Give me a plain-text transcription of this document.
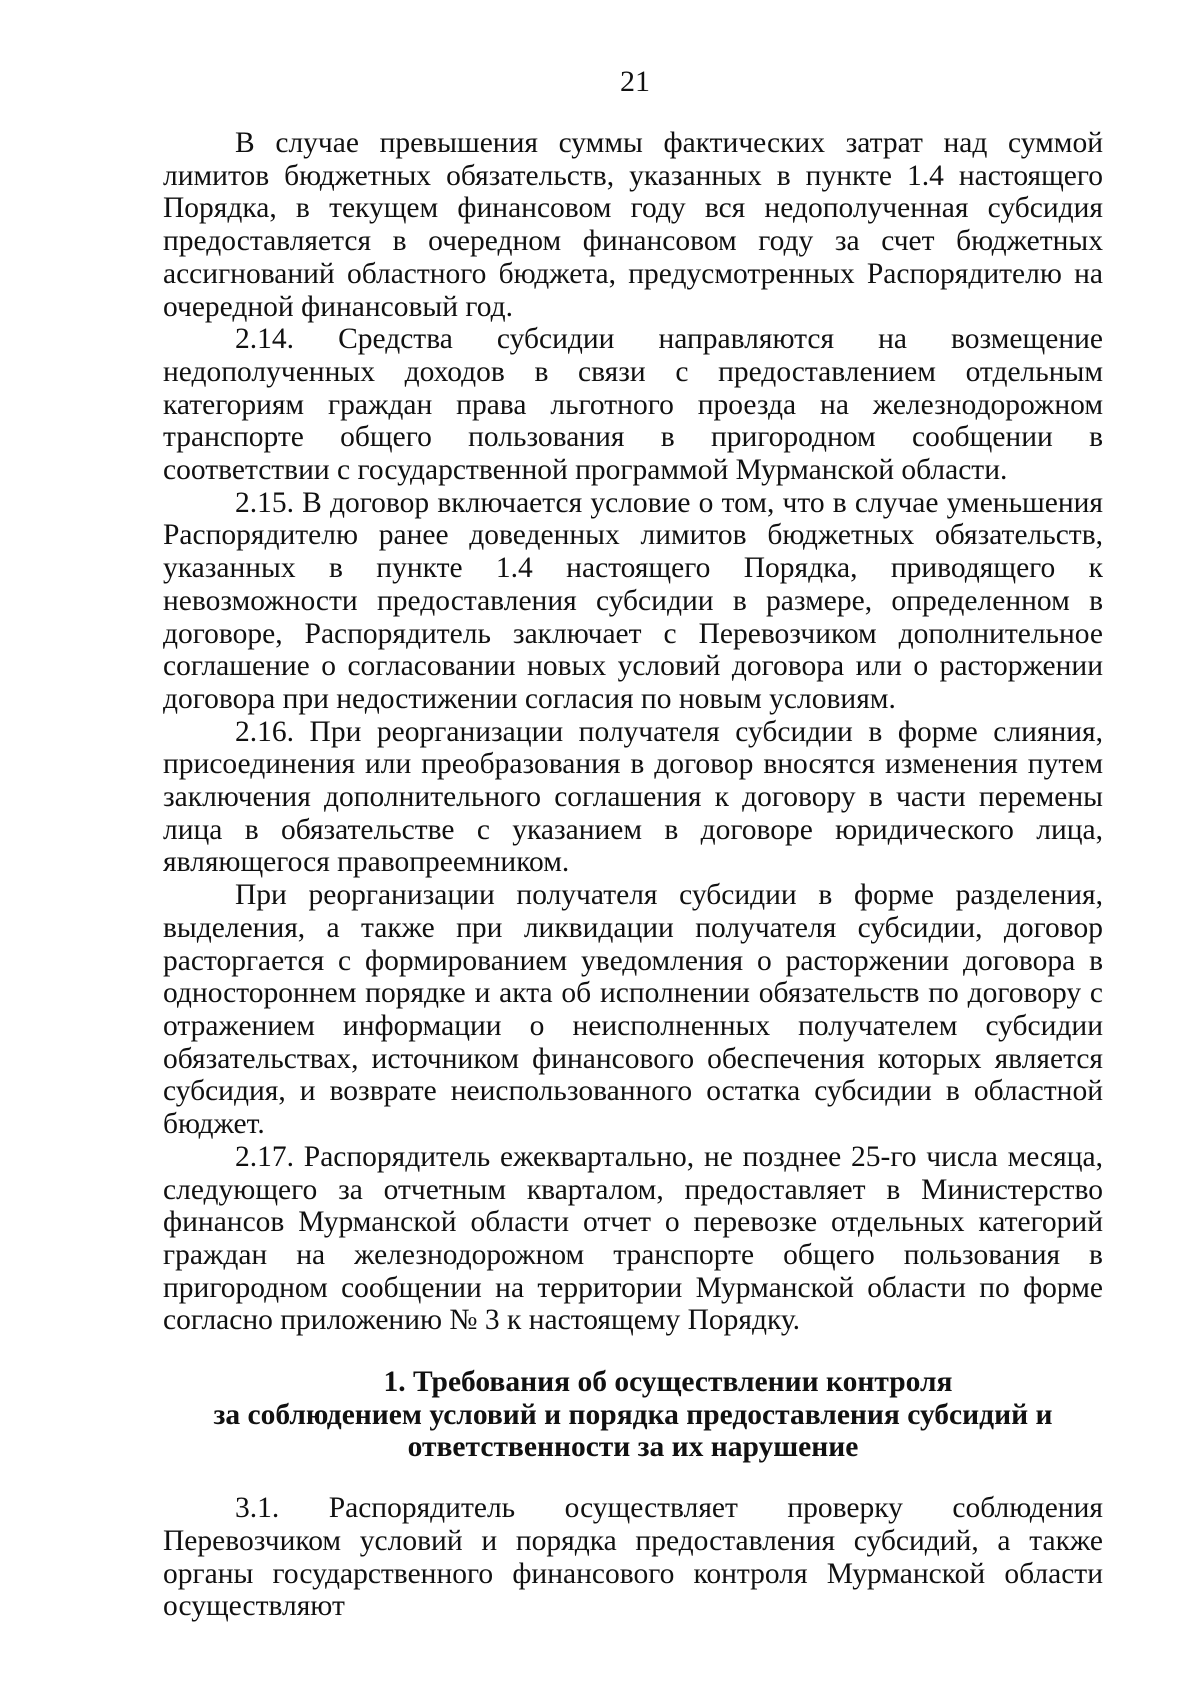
21

В случае превышения суммы фактических затрат над суммой лимитов бюджетных обязательств, указанных в пункте 1.4 настоящего Порядка, в текущем финансовом году вся недополученная субсидия предоставляется в очередном финансовом году за счет бюджетных ассигнований областного бюджета, предусмотренных Распорядителю на очередной финансовый год.

2.14. Средства субсидии направляются на возмещение недополученных доходов в связи с предоставлением отдельным категориям граждан права льготного проезда на железнодорожном транспорте общего пользования в пригородном сообщении в соответствии с государственной программой Мурманской области.

2.15. В договор включается условие о том, что в случае уменьшения Распорядителю ранее доведенных лимитов бюджетных обязательств, указанных в пункте 1.4 настоящего Порядка, приводящего к невозможности предоставления субсидии в размере, определенном в договоре, Распорядитель заключает с Перевозчиком дополнительное соглашение о согласовании новых условий договора или о расторжении договора при недостижении согласия по новым условиям.

2.16. При реорганизации получателя субсидии в форме слияния, присоединения или преобразования в договор вносятся изменения путем заключения дополнительного соглашения к договору в части перемены лица в обязательстве с указанием в договоре юридического лица, являющегося правопреемником.

При реорганизации получателя субсидии в форме разделения, выделения, а также при ликвидации получателя субсидии, договор расторгается с формированием уведомления о расторжении договора в одностороннем порядке и акта об исполнении обязательств по договору с отражением информации о неисполненных получателем субсидии обязательствах, источником финансового обеспечения которых является субсидия, и возврате неиспользованного остатка субсидии в областной бюджет.

2.17. Распорядитель ежеквартально, не позднее 25-го числа месяца, следующего за отчетным кварталом, предоставляет в Министерство финансов Мурманской области отчет о перевозке отдельных категорий граждан на железнодорожном транспорте общего пользования в пригородном сообщении на территории Мурманской области по форме согласно приложению № 3 к настоящему Порядку.

1. Требования об осуществлении контроля
за соблюдением условий и порядка предоставления субсидий и
ответственности за их нарушение

3.1. Распорядитель осуществляет проверку соблюдения Перевозчиком условий и порядка предоставления субсидий, а также органы государственного финансового контроля Мурманской области осуществляют
